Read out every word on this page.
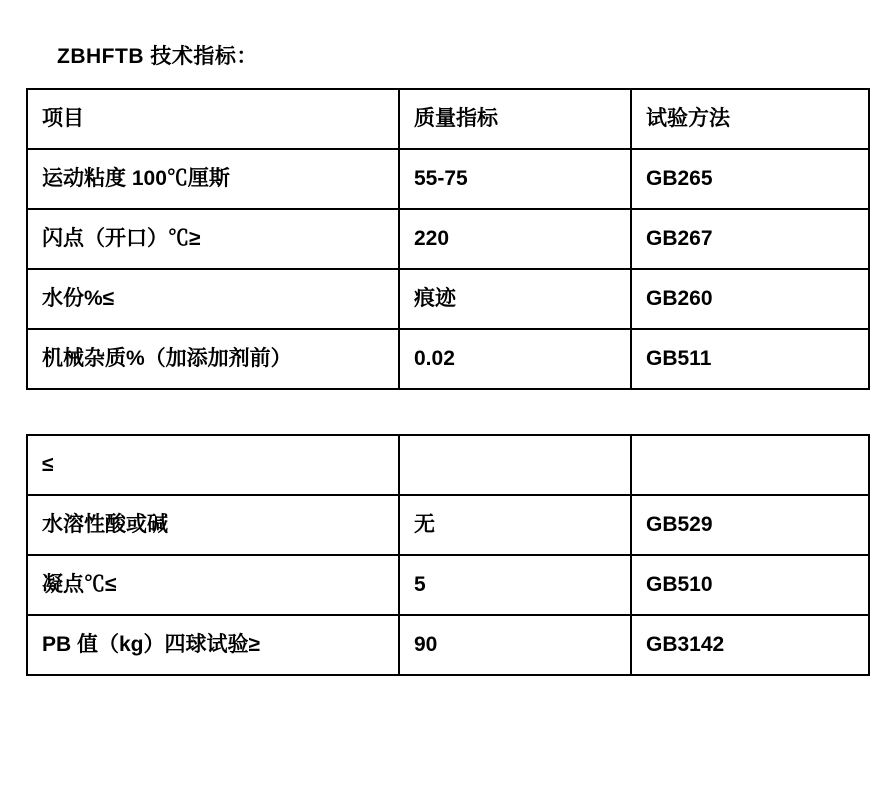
ZBHFTB 技术指标：
项目	质量指标	试验方法
运动粘度 100℃厘斯	55-75	GB265
闪点（开口）℃≥	220	GB267
水份%≤	痕迹	GB260
机械杂质%（加添加剂前）	0.02	GB511
≤		
水溶性酸或碱	无	GB529
凝点℃≤	5	GB510
PB 值（kg）四球试验≥	90	GB3142
